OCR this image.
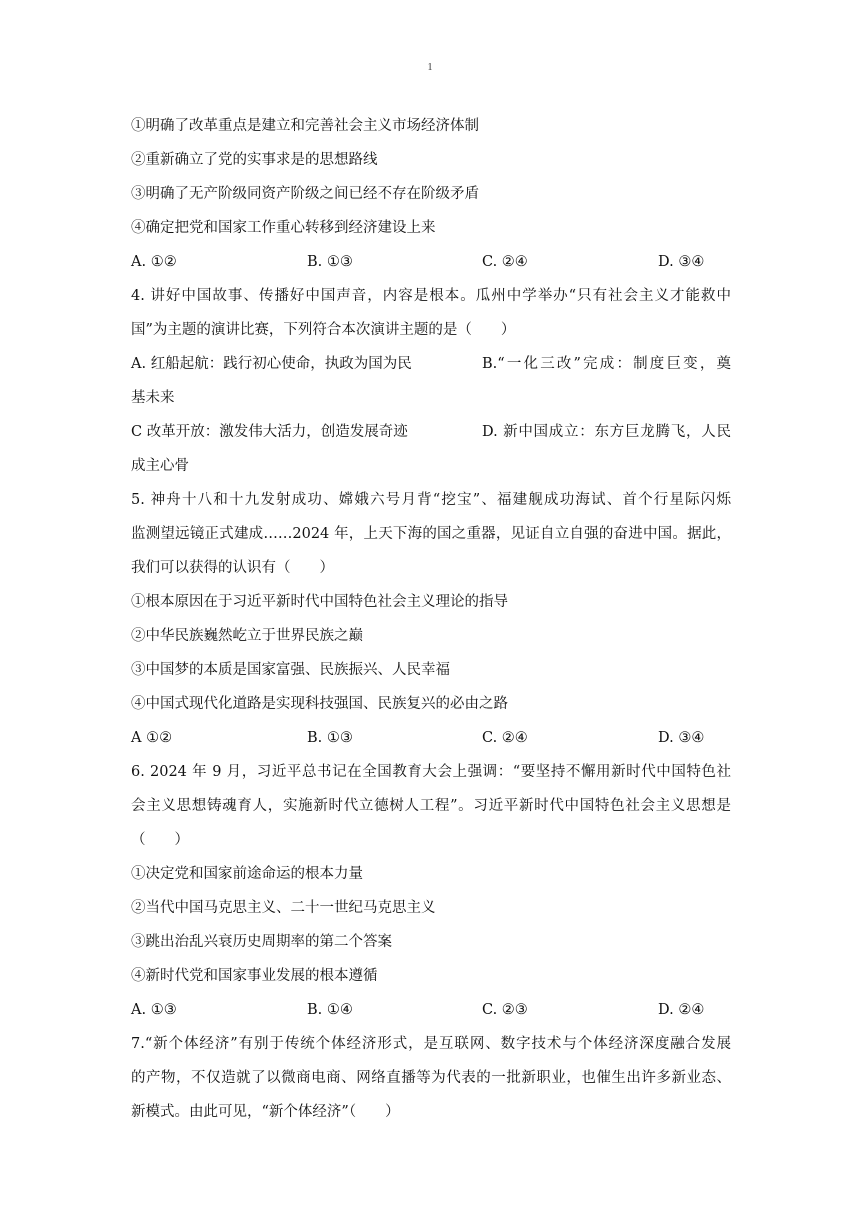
1
①明确了改革重点是建立和完善社会主义市场经济体制
②重新确立了党的实事求是的思想路线
③明确了无产阶级同资产阶级之间已经不存在阶级矛盾
④确定把党和国家工作重心转移到经济建设上来
A. ①②	B. ①③	C. ②④	D. ③④
4. 讲好中国故事、传播好中国声音，内容是根本。瓜州中学举办“只有社会主义才能救中
国”为主题的演讲比赛，下列符合本次演讲主题的是（　　）
A. 红船起航：践行初心使命，执政为国为民	B.“一化三改”完成：制度巨变，奠
基未来
C 改革开放：激发伟大活力，创造发展奇迹	D. 新中国成立：东方巨龙腾飞，人民
成主心骨
5. 神舟十八和十九发射成功、嫦娥六号月背“挖宝”、福建舰成功海试、首个行星际闪烁
监测望远镜正式建成……2024 年，上天下海的国之重器，见证自立自强的奋进中国。据此，
我们可以获得的认识有（　　）
①根本原因在于习近平新时代中国特色社会主义理论的指导
②中华民族巍然屹立于世界民族之巅
③中国梦的本质是国家富强、民族振兴、人民幸福
④中国式现代化道路是实现科技强国、民族复兴的必由之路
A ①②	B. ①③	C. ②④	D. ③④
6. 2024 年 9 月，习近平总书记在全国教育大会上强调：“要坚持不懈用新时代中国特色社
会主义思想铸魂育人，实施新时代立德树人工程”。习近平新时代中国特色社会主义思想是
（　　）
①决定党和国家前途命运的根本力量
②当代中国马克思主义、二十一世纪马克思主义
③跳出治乱兴衰历史周期率的第二个答案
④新时代党和国家事业发展的根本遵循
A. ①③	B. ①④	C. ②③	D. ②④
7.“新个体经济”有别于传统个体经济形式，是互联网、数字技术与个体经济深度融合发展
的产物，不仅造就了以微商电商、网络直播等为代表的一批新职业，也催生出许多新业态、
新模式。由此可见，“新个体经济”（　　）
